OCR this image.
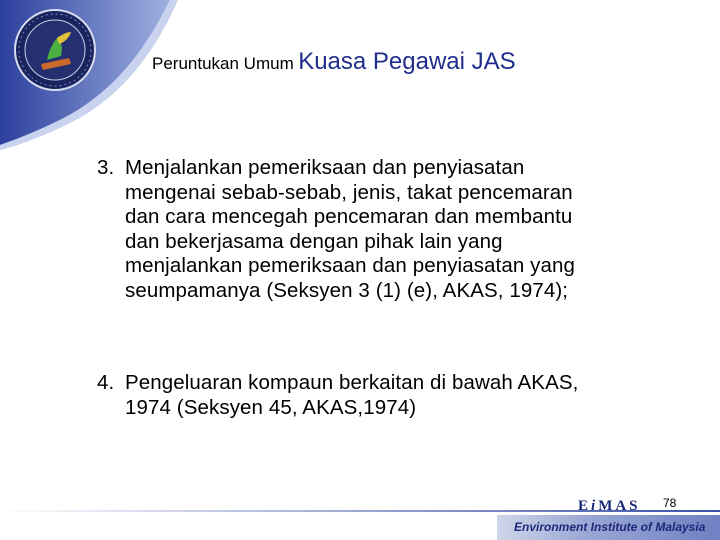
Peruntukan Umum Kuasa Pegawai JAS
3. Menjalankan pemeriksaan dan penyiasatan
mengenai sebab-sebab, jenis, takat pencemaran
dan cara mencegah pencemaran dan membantu
dan bekerjasama dengan pihak lain yang
menjalankan pemeriksaan dan penyiasatan yang
seumpamanya (Seksyen 3 (1) (e), AKAS, 1974);
4. Pengeluaran kompaun berkaitan di bawah AKAS,
1974 (Seksyen 45, AKAS,1974)
78
EiMAS
Environment Institute of Malaysia
